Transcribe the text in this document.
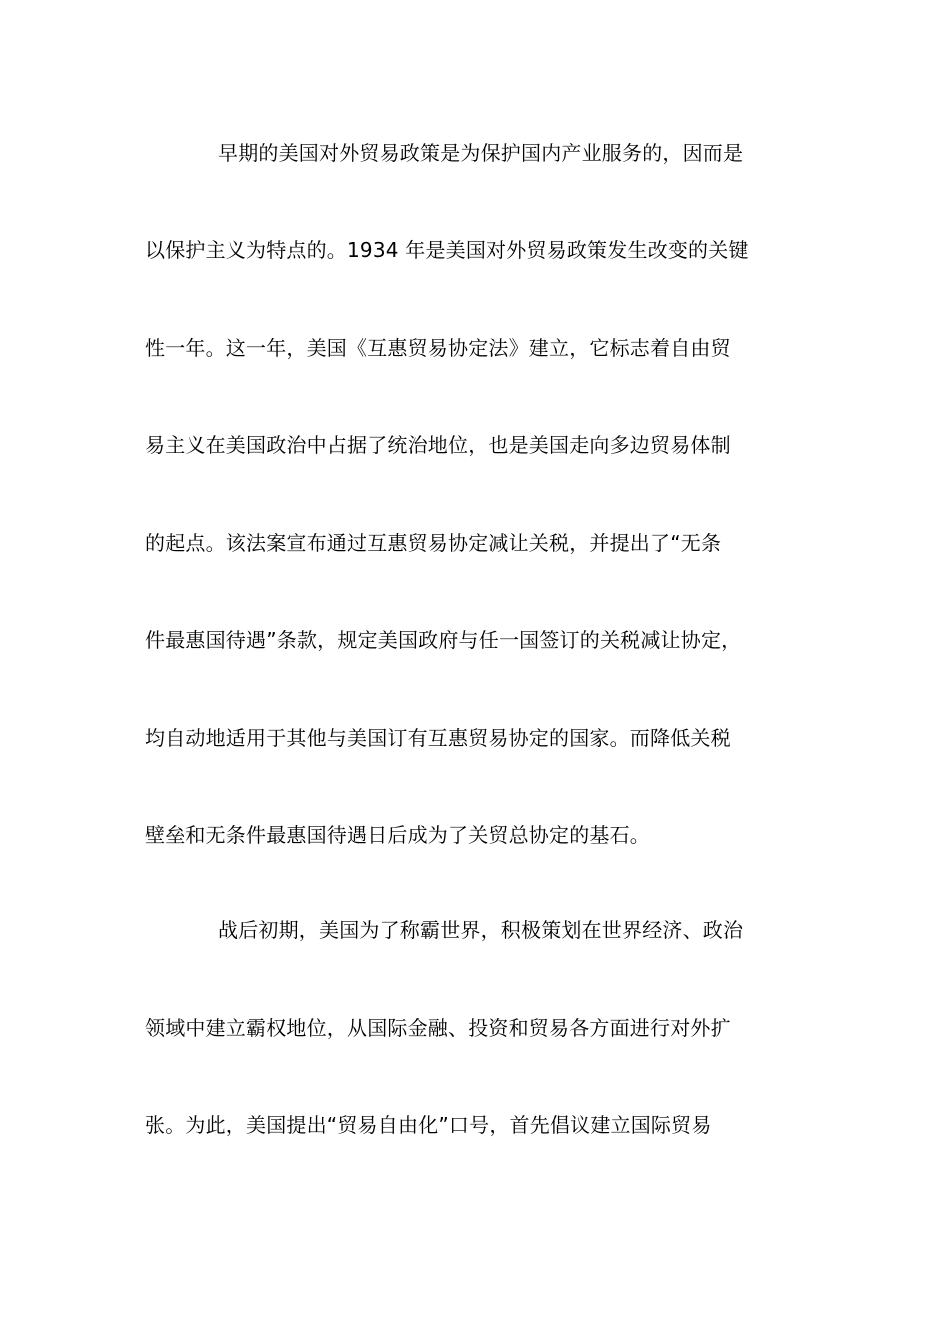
早期的美国对外贸易政策是为保护国内产业服务的，因而是
以保护主义为特点的。1934 年是美国对外贸易政策发生改变的关键
性一年。这一年，美国《互惠贸易协定法》建立，它标志着自由贸
易主义在美国政治中占据了统治地位，也是美国走向多边贸易体制
的起点。该法案宣布通过互惠贸易协定减让关税，并提出了“无条
件最惠国待遇”条款，规定美国政府与任一国签订的关税减让协定，
均自动地适用于其他与美国订有互惠贸易协定的国家。而降低关税
壁垒和无条件最惠国待遇日后成为了关贸总协定的基石。
战后初期，美国为了称霸世界，积极策划在世界经济、政治
领域中建立霸权地位，从国际金融、投资和贸易各方面进行对外扩
张。为此，美国提出“贸易自由化”口号，首先倡议建立国际贸易
